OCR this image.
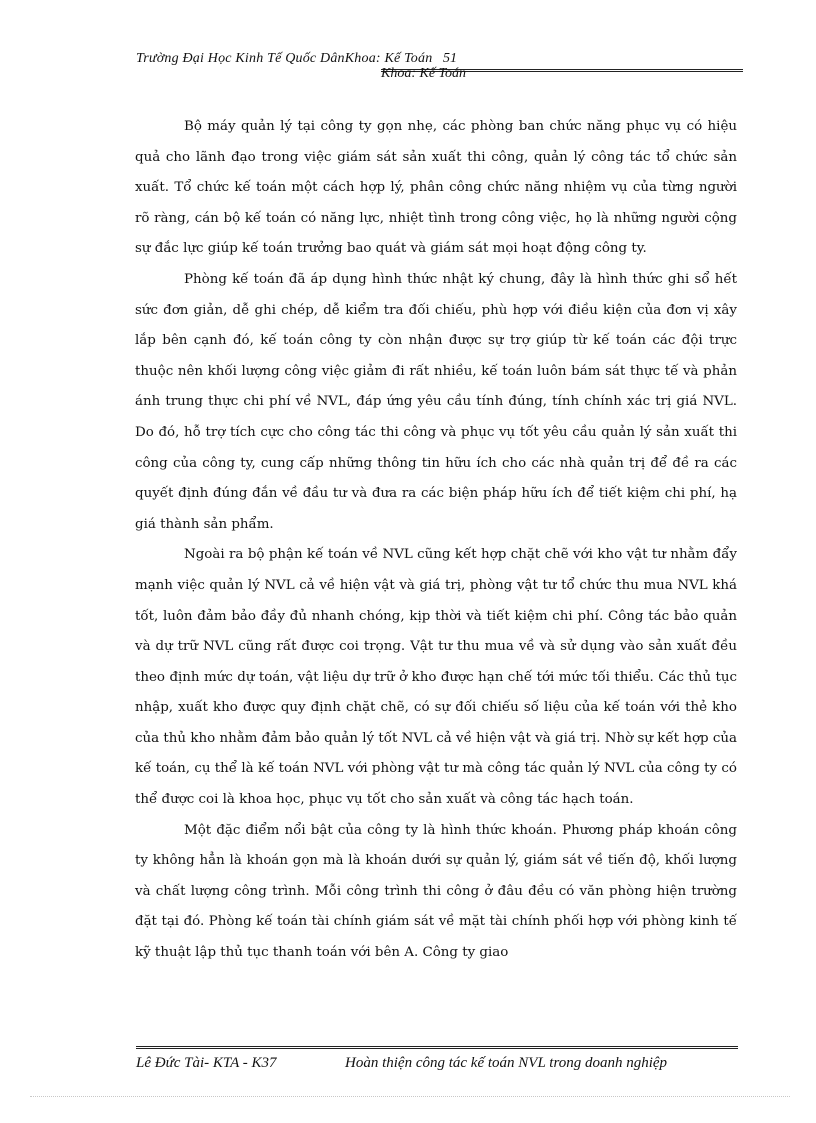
Trường Đại Học Kinh Tế Quốc DânKhoa: Kế Toán 51
Khoa: Kế Toán

Bộ máy quản lý tại công ty gọn nhẹ, các phòng ban chức năng phục vụ có hiệu quả cho lãnh đạo trong việc giám sát sản xuất thi công, quản lý công tác tổ chức sản xuất. Tổ chức kế toán một cách hợp lý, phân công chức năng nhiệm vụ của từng người rõ ràng, cán bộ kế toán có năng lực, nhiệt tình trong công việc, họ là những người cộng sự đắc lực giúp kế toán trưởng bao quát và giám sát mọi hoạt động công ty.

Phòng kế toán đã áp dụng hình thức nhật ký chung, đây là hình thức ghi sổ hết sức đơn giản, dễ ghi chép, dễ kiểm tra đối chiếu, phù hợp với điều kiện của đơn vị xây lắp bên cạnh đó, kế toán công ty còn nhận được sự trợ giúp từ kế toán các đội trực thuộc nên khối lượng công việc giảm đi rất nhiều, kế toán luôn bám sát thực tế và phản ánh trung thực chi phí về NVL, đáp ứng yêu cầu tính đúng, tính chính xác trị giá NVL. Do đó, hỗ trợ tích cực cho công tác thi công và phục vụ tốt yêu cầu quản lý sản xuất thi công của công ty, cung cấp những thông tin hữu ích cho các nhà quản trị để đề ra các quyết định đúng đắn về đầu tư và đưa ra các biện pháp hữu ích để tiết kiệm chi phí, hạ giá thành sản phẩm.

Ngoài ra bộ phận kế toán về NVL cũng kết hợp chặt chẽ với kho vật tư nhằm đẩy mạnh việc quản lý NVL cả về hiện vật và giá trị, phòng vật tư tổ chức thu mua NVL khá tốt, luôn đảm bảo đầy đủ nhanh chóng, kịp thời và tiết kiệm chi phí. Công tác bảo quản và dự trữ NVL cũng rất được coi trọng. Vật tư thu mua về và sử dụng vào sản xuất đều theo định mức dự toán, vật liệu dự trữ ở kho được hạn chế tới mức tối thiểu. Các thủ tục nhập, xuất kho được quy định chặt chẽ, có sự đối chiếu số liệu của kế toán với thẻ kho của thủ kho nhằm đảm bảo quản lý tốt NVL cả về hiện vật và giá trị. Nhờ sự kết hợp của kế toán, cụ thể là kế toán NVL với phòng vật tư mà công tác quản lý NVL của công ty có thể được coi là khoa học, phục vụ tốt cho sản xuất và công tác hạch toán.

Một đặc điểm nổi bật của công ty là hình thức khoán. Phương pháp khoán công ty không hẳn là khoán gọn mà là khoán dưới sự quản lý, giám sát về tiến độ, khối lượng và chất lượng công trình. Mỗi công trình thi công ở đâu đều có văn phòng hiện trường đặt tại đó. Phòng kế toán tài chính giám sát về mặt tài chính phối hợp với phòng kinh tế kỹ thuật lập thủ tục thanh toán với bên A. Công ty giao

Lê Đức Tài- KTA - K37	Hoàn thiện công tác kế toán NVL trong doanh nghiệp
